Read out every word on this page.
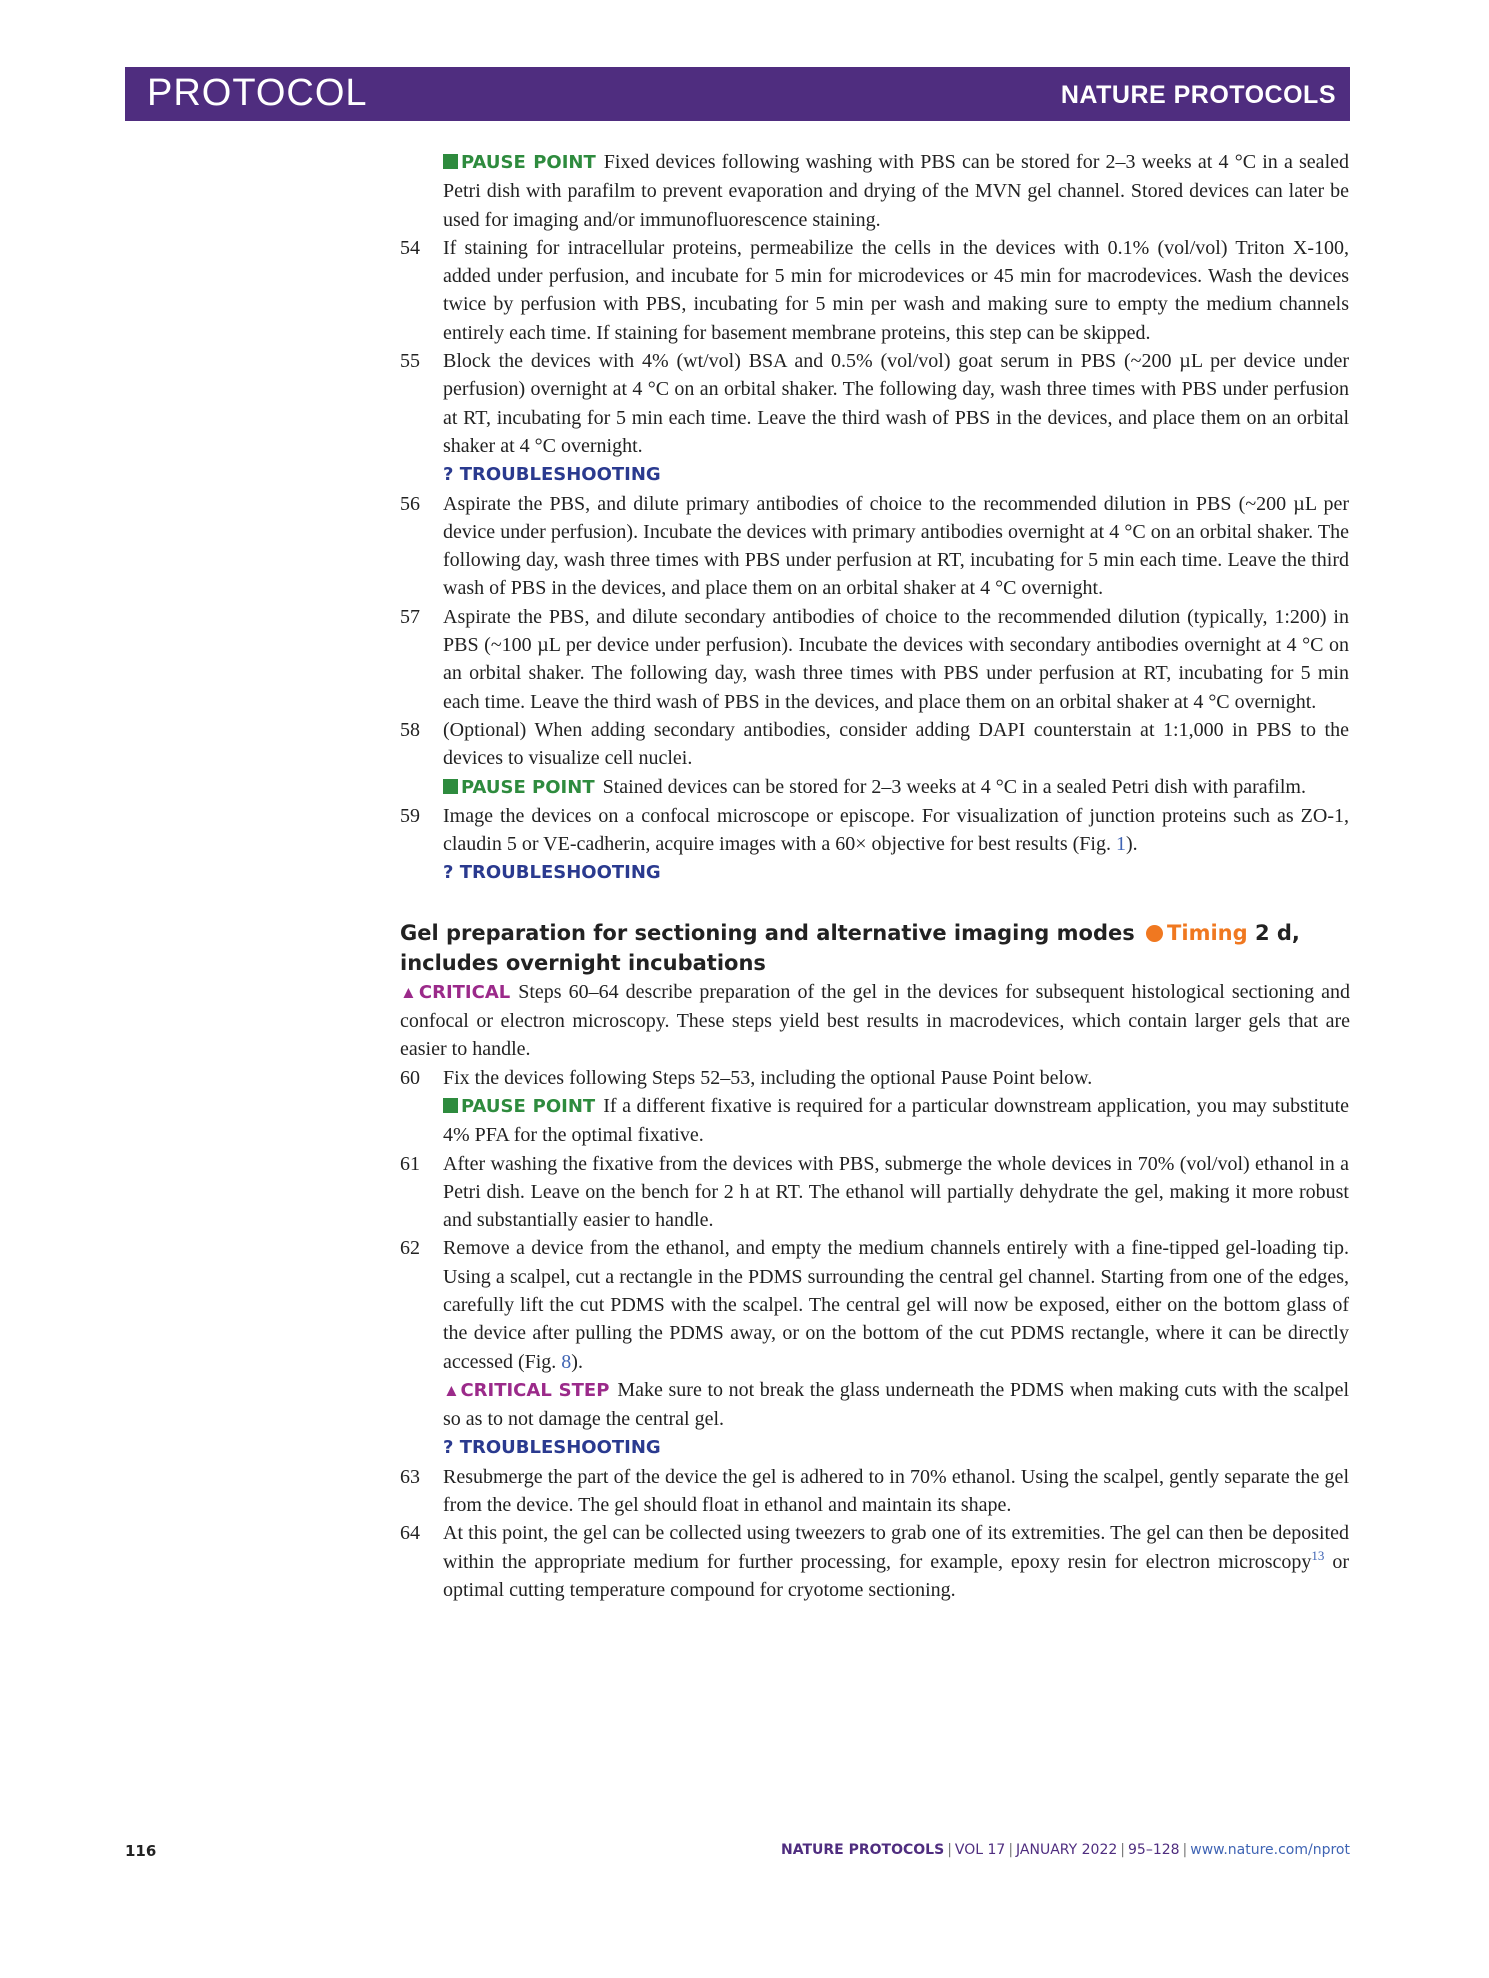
PROTOCOL	NATURE PROTOCOLS
PAUSE POINT Fixed devices following washing with PBS can be stored for 2–3 weeks at 4 °C in a sealed Petri dish with parafilm to prevent evaporation and drying of the MVN gel channel. Stored devices can later be used for imaging and/or immunofluorescence staining.
54	If staining for intracellular proteins, permeabilize the cells in the devices with 0.1% (vol/vol) Triton X-100, added under perfusion, and incubate for 5 min for microdevices or 45 min for macrodevices. Wash the devices twice by perfusion with PBS, incubating for 5 min per wash and making sure to empty the medium channels entirely each time. If staining for basement membrane proteins, this step can be skipped.
55	Block the devices with 4% (wt/vol) BSA and 0.5% (vol/vol) goat serum in PBS (~200 µL per device under perfusion) overnight at 4 °C on an orbital shaker. The following day, wash three times with PBS under perfusion at RT, incubating for 5 min each time. Leave the third wash of PBS in the devices, and place them on an orbital shaker at 4 °C overnight.
? TROUBLESHOOTING
56	Aspirate the PBS, and dilute primary antibodies of choice to the recommended dilution in PBS (~200 µL per device under perfusion). Incubate the devices with primary antibodies overnight at 4 °C on an orbital shaker. The following day, wash three times with PBS under perfusion at RT, incubating for 5 min each time. Leave the third wash of PBS in the devices, and place them on an orbital shaker at 4 °C overnight.
57	Aspirate the PBS, and dilute secondary antibodies of choice to the recommended dilution (typically, 1:200) in PBS (~100 µL per device under perfusion). Incubate the devices with secondary antibodies overnight at 4 °C on an orbital shaker. The following day, wash three times with PBS under perfusion at RT, incubating for 5 min each time. Leave the third wash of PBS in the devices, and place them on an orbital shaker at 4 °C overnight.
58	(Optional) When adding secondary antibodies, consider adding DAPI counterstain at 1:1,000 in PBS to the devices to visualize cell nuclei.
PAUSE POINT Stained devices can be stored for 2–3 weeks at 4 °C in a sealed Petri dish with parafilm.
59	Image the devices on a confocal microscope or episcope. For visualization of junction proteins such as ZO-1, claudin 5 or VE-cadherin, acquire images with a 60× objective for best results (Fig. 1).
? TROUBLESHOOTING
Gel preparation for sectioning and alternative imaging modes Timing 2 d, includes overnight incubations
▲CRITICAL Steps 60–64 describe preparation of the gel in the devices for subsequent histological sectioning and confocal or electron microscopy. These steps yield best results in macrodevices, which contain larger gels that are easier to handle.
60	Fix the devices following Steps 52–53, including the optional Pause Point below.
PAUSE POINT If a different fixative is required for a particular downstream application, you may substitute 4% PFA for the optimal fixative.
61	After washing the fixative from the devices with PBS, submerge the whole devices in 70% (vol/vol) ethanol in a Petri dish. Leave on the bench for 2 h at RT. The ethanol will partially dehydrate the gel, making it more robust and substantially easier to handle.
62	Remove a device from the ethanol, and empty the medium channels entirely with a fine-tipped gel-loading tip. Using a scalpel, cut a rectangle in the PDMS surrounding the central gel channel. Starting from one of the edges, carefully lift the cut PDMS with the scalpel. The central gel will now be exposed, either on the bottom glass of the device after pulling the PDMS away, or on the bottom of the cut PDMS rectangle, where it can be directly accessed (Fig. 8).
▲CRITICAL STEP Make sure to not break the glass underneath the PDMS when making cuts with the scalpel so as to not damage the central gel.
? TROUBLESHOOTING
63	Resubmerge the part of the device the gel is adhered to in 70% ethanol. Using the scalpel, gently separate the gel from the device. The gel should float in ethanol and maintain its shape.
64	At this point, the gel can be collected using tweezers to grab one of its extremities. The gel can then be deposited within the appropriate medium for further processing, for example, epoxy resin for electron microscopy$^{13}$ or optimal cutting temperature compound for cryotome sectioning.
116	NATURE PROTOCOLS | VOL 17 | JANUARY 2022 | 95–128 | www.nature.com/nprot
